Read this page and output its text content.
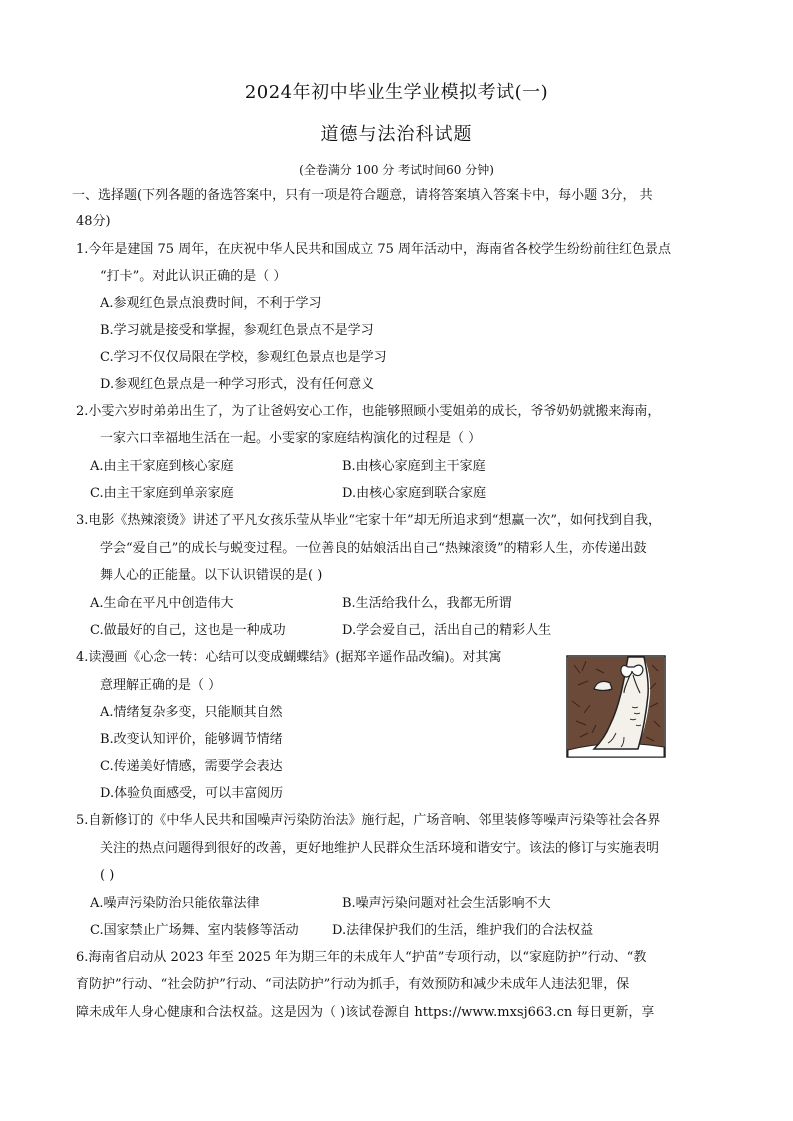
2024年初中毕业生学业模拟考试(一)
道德与法治科试题
(全卷满分 100 分 考试时间60 分钟)
一、选择题(下列各题的备选答案中，只有一项是符合题意，请将答案填入答案卡中，每小题 3分， 共
48分)
1.今年是建国 75 周年，在庆祝中华人民共和国成立 75 周年活动中，海南省各校学生纷纷前往红色景点
“打卡”。对此认识正确的是（ ）
A.参观红色景点浪费时间，不利于学习
B.学习就是接受和掌握，参观红色景点不是学习
C.学习不仅仅局限在学校，参观红色景点也是学习
D.参观红色景点是一种学习形式，没有任何意义
2.小雯六岁时弟弟出生了，为了让爸妈安心工作，也能够照顾小雯姐弟的成长，爷爷奶奶就搬来海南，
一家六口幸福地生活在一起。小雯家的家庭结构演化的过程是（ ）
A.由主干家庭到核心家庭	B.由核心家庭到主干家庭
C.由主干家庭到单亲家庭	D.由核心家庭到联合家庭
3.电影《热辣滚烫》讲述了平凡女孩乐莹从毕业“宅家十年”却无所追求到“想赢一次”，如何找到自我，
学会“爱自己”的成长与蜕变过程。一位善良的姑娘活出自己“热辣滚烫”的精彩人生，亦传递出鼓
舞人心的正能量。以下认识错误的是( )
A.生命在平凡中创造伟大	B.生活给我什么，我都无所谓
C.做最好的自己，这也是一种成功	D.学会爱自己，活出自己的精彩人生
4.读漫画《心念一转：心结可以变成蝴蝶结》(据郑辛遥作品改编)。对其寓
意理解正确的是（ ）
A.情绪复杂多变，只能顺其自然
B.改变认知评价，能够调节情绪
C.传递美好情感，需要学会表达
D.体验负面感受，可以丰富阅历
5.自新修订的《中华人民共和国噪声污染防治法》施行起，广场音响、邻里装修等噪声污染等社会各界
关注的热点问题得到很好的改善，更好地维护人民群众生活环境和谐安宁。该法的修订与实施表明
( )
A.噪声污染防治只能依靠法律	B.噪声污染问题对社会生活影响不大
C.国家禁止广场舞、室内装修等活动	D.法律保护我们的生活，维护我们的合法权益
6.海南省启动从 2023 年至 2025 年为期三年的未成年人“护苗”专项行动，以“家庭防护”行动、“教
育防护”行动、“社会防护”行动、“司法防护”行动为抓手，有效预防和减少未成年人违法犯罪，保
障未成年人身心健康和合法权益。这是因为（ )该试卷源自 https://www.mxsj663.cn 每日更新，享
